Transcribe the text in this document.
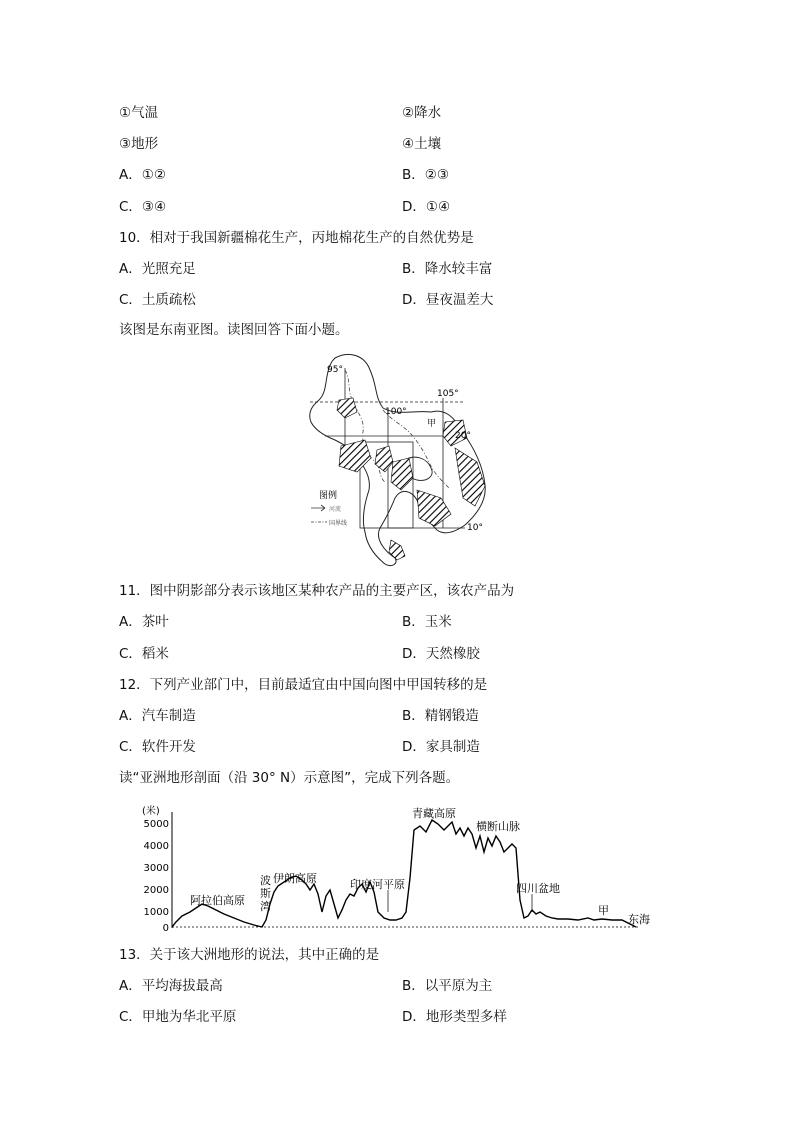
①气温	②降水
③地形	④土壤
A．①②	B．②③
C．③④	D．①④
10．相对于我国新疆棉花生产，丙地棉花生产的自然优势是
A．光照充足	B．降水较丰富
C．土质疏松	D．昼夜温差大
该图是东南亚图。读图回答下面小题。
95°
100°
105°
20°
10°
甲
图例
河流
国界线
11．图中阴影部分表示该地区某种农产品的主要产区，该农产品为
A．茶叶	B．玉米
C．稻米	D．天然橡胶
12．下列产业部门中，目前最适宜由中国向图中甲国转移的是
A．汽车制造	B．精钢锻造
C．软件开发	D．家具制造
读“亚洲地形剖面（沿 30° N）示意图”，完成下列各题。
(米)
5000
4000
3000
2000
1000
0
阿拉伯高原
波
斯
湾
伊朗高原	印度河平原
青藏高原
横断山脉
四川盆地
甲
东海
13．关于该大洲地形的说法，其中正确的是
A．平均海拔最高	B．以平原为主
C．甲地为华北平原	D．地形类型多样
